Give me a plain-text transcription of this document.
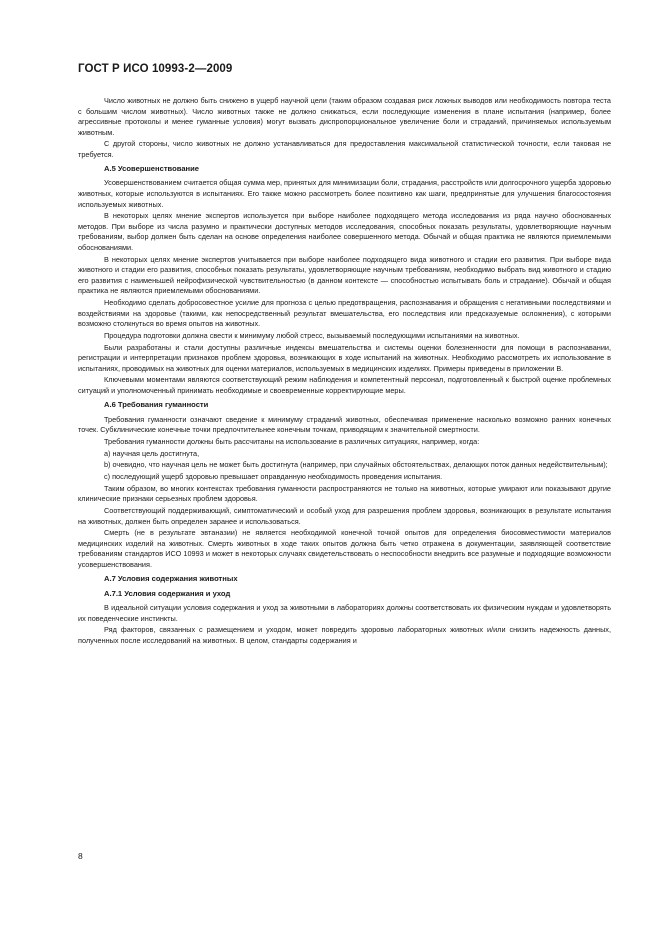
ГОСТ Р ИСО 10993-2—2009

Число животных не должно быть снижено в ущерб научной цели (таким образом создавая риск ложных выводов или необходимость повтора теста с большим числом животных). Число животных также не должно снижаться, если последующие изменения в плане испытания (например, более агрессивные протоколы и менее гуманные условия) могут вызвать диспропорциональное увеличение боли и страданий, причиняемых используемым животным.

С другой стороны, число животных не должно устанавливаться для предоставления максимальной статистической точности, если таковая не требуется.

А.5 Усовершенствование

Усовершенствованием считается общая сумма мер, принятых для минимизации боли, страдания, расстройств или долгосрочного ущерба здоровью животных, которые используются в испытаниях. Его также можно рассмотреть более позитивно как шаги, предпринятые для улучшения благосостояния используемых животных.

В некоторых целях мнение экспертов используется при выборе наиболее подходящего метода исследования из ряда научно обоснованных методов. При выборе из числа разумно и практически доступных методов исследования, способных показать результаты, удовлетворяющие научным требованиям, выбор должен быть сделан на основе определения наиболее совершенного метода. Обычай и общая практика не являются приемлемыми обоснованиями.

В некоторых целях мнение экспертов учитывается при выборе наиболее подходящего вида животного и стадии его развития. При выборе вида животного и стадии его развития, способных показать результаты, удовлетворяющие научным требованиям, необходимо выбрать вид животного и стадию его развития с наименьшей нейрофизической чувствительностью (в данном контексте — способностью испытывать боль и страдание). Обычай и общая практика не являются приемлемыми обоснованиями.

Необходимо сделать добросовестное усилие для прогноза с целью предотвращения, распознавания и обращения с негативными последствиями и воздействиями на здоровье (такими, как непосредственный результат вмешательства, его последствия или предсказуемые осложнения), с которыми возможно столкнуться во время опытов на животных.

Процедура подготовки должна свести к минимуму любой стресс, вызываемый последующими испытаниями на животных.

Были разработаны и стали доступны различные индексы вмешательства и системы оценки болезненности для помощи в распознавании, регистрации и интерпретации признаков проблем здоровья, возникающих в ходе испытаний на животных. Необходимо рассмотреть их использование в испытаниях, проводимых на животных для оценки материалов, используемых в медицинских изделиях. Примеры приведены в приложении В.

Ключевыми моментами являются соответствующий режим наблюдения и компетентный персонал, подготовленный к быстрой оценке проблемных ситуаций и уполномоченный принимать необходимые и своевременные корректирующие меры.

А.6 Требования гуманности

Требования гуманности означают сведение к минимуму страданий животных, обеспечивая применение насколько возможно ранних конечных точек. Субклинические конечные точки предпочтительнее конечным точкам, приводящим к значительной смертности.

Требования гуманности должны быть рассчитаны на использование в различных ситуациях, например, когда:

а) научная цель достигнута,

b) очевидно, что научная цель не может быть достигнута (например, при случайных обстоятельствах, делающих поток данных недействительным);

c) последующий ущерб здоровью превышает оправданную необходимость проведения испытания.

Таким образом, во многих контекстах требования гуманности распространяются не только на животных, которые умирают или показывают другие клинические признаки серьезных проблем здоровья.

Соответствующий поддерживающий, симптоматический и особый уход для разрешения проблем здоровья, возникающих в результате испытания на животных, должен быть определен заранее и использоваться.

Смерть (не в результате эвтаназии) не является необходимой конечной точкой опытов для определения биосовместимости материалов медицинских изделий на животных. Смерть животных в ходе таких опытов должна быть четко отражена в документации, заявляющей соответствие требованиям стандартов ИСО 10993 и может в некоторых случаях свидетельствовать о неспособности внедрить все разумные и подходящие возможности усовершенствования.

А.7 Условия содержания животных
А.7.1 Условия содержания и уход

В идеальной ситуации условия содержания и уход за животными в лабораториях должны соответствовать их физическим нуждам и удовлетворять их поведенческие инстинкты.

Ряд факторов, связанных с размещением и уходом, может повредить здоровью лабораторных животных и/или снизить надежность данных, полученных после исследований на животных. В целом, стандарты содержания и

8
